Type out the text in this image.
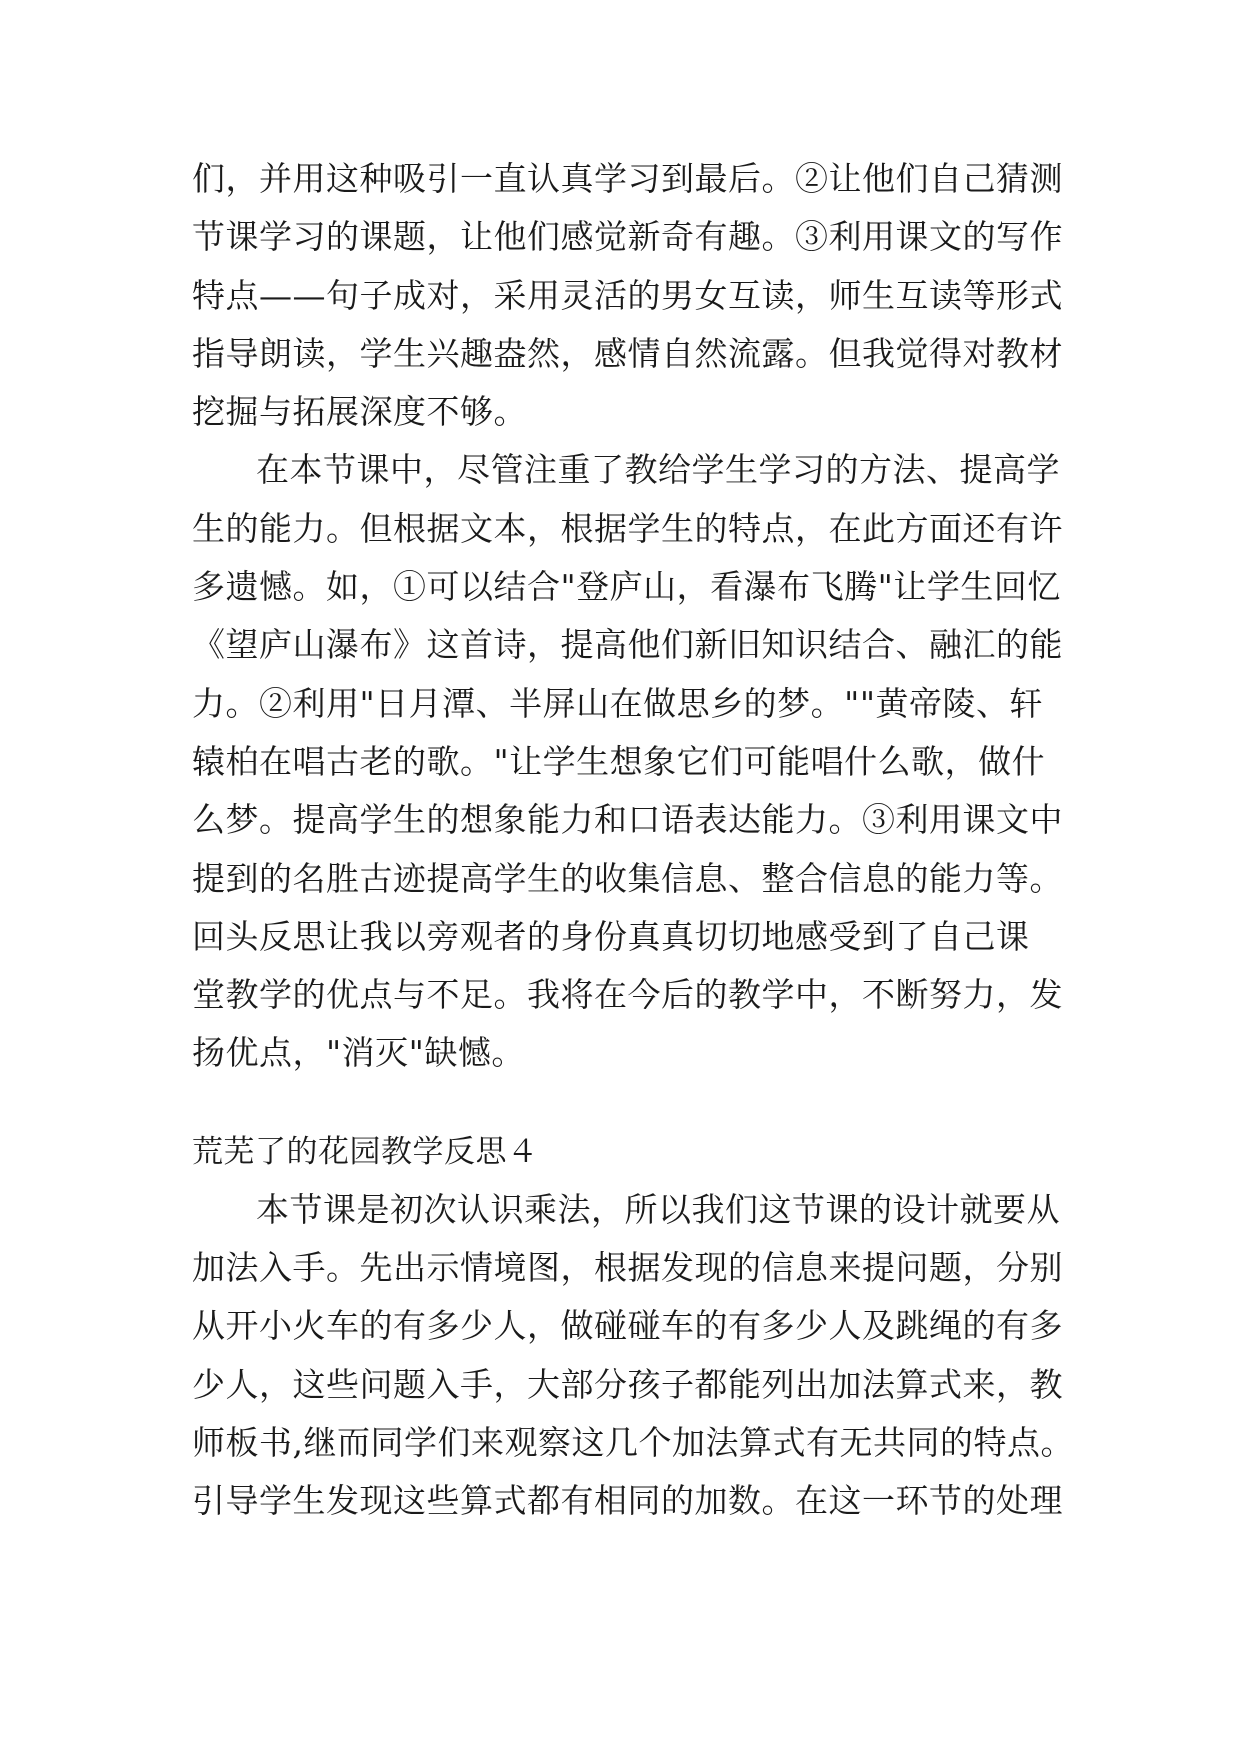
们，并用这种吸引一直认真学习到最后。②让他们自己猜测
节课学习的课题，让他们感觉新奇有趣。③利用课文的写作
特点——句子成对，采用灵活的男女互读，师生互读等形式
指导朗读，学生兴趣盎然，感情自然流露。但我觉得对教材
挖掘与拓展深度不够。
在本节课中，尽管注重了教给学生学习的方法、提高学
生的能力。但根据文本，根据学生的特点，在此方面还有许
多遗憾。如，①可以结合"登庐山，看瀑布飞腾"让学生回忆
《望庐山瀑布》这首诗，提高他们新旧知识结合、融汇的能
力。②利用"日月潭、半屏山在做思乡的梦。""黄帝陵、轩
辕柏在唱古老的歌。"让学生想象它们可能唱什么歌，做什
么梦。提高学生的想象能力和口语表达能力。③利用课文中
提到的名胜古迹提高学生的收集信息、整合信息的能力等。
回头反思让我以旁观者的身份真真切切地感受到了自己课
堂教学的优点与不足。我将在今后的教学中，不断努力，发
扬优点，"消灭"缺憾。
荒芜了的花园教学反思４
本节课是初次认识乘法，所以我们这节课的设计就要从
加法入手。先出示情境图，根据发现的信息来提问题，分别
从开小火车的有多少人，做碰碰车的有多少人及跳绳的有多
少人，这些问题入手，大部分孩子都能列出加法算式来，教
师板书,继而同学们来观察这几个加法算式有无共同的特点。
引导学生发现这些算式都有相同的加数。在这一环节的处理
